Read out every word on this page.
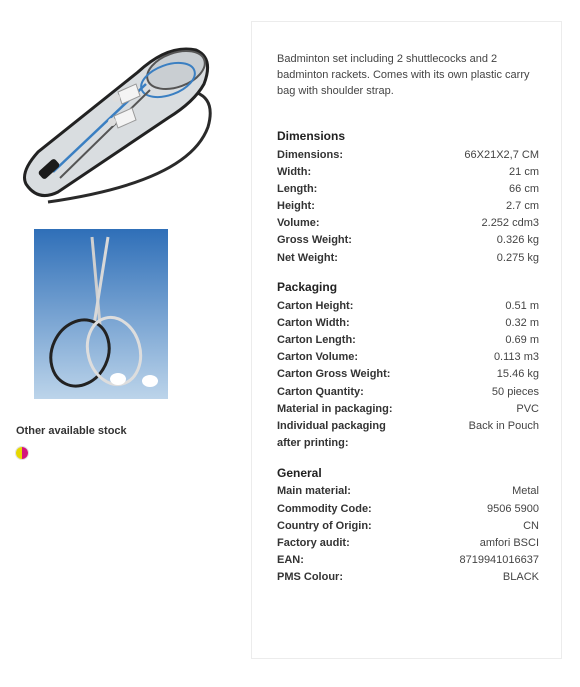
Other available stock
Badminton set including 2 shuttlecocks and 2 badminton rackets. Comes with its own plastic carry bag with shoulder strap.
Dimensions
Dimensions:	66X21X2,7 CM
Width:	21 cm
Length:	66 cm
Height:	2.7 cm
Volume:	2.252 cdm3
Gross Weight:	0.326 kg
Net Weight:	0.275 kg
Packaging
Carton Height:	0.51 m
Carton Width:	0.32 m
Carton Length:	0.69 m
Carton Volume:	0.113 m3
Carton Gross Weight:	15.46 kg
Carton Quantity:	50 pieces
Material in packaging:	PVC
Individual packaging after printing:
Back in Pouch
General
Main material:	Metal
Commodity Code:	9506 5900
Country of Origin:	CN
Factory audit:	amfori BSCI
EAN:	8719941016637
PMS Colour:	BLACK
